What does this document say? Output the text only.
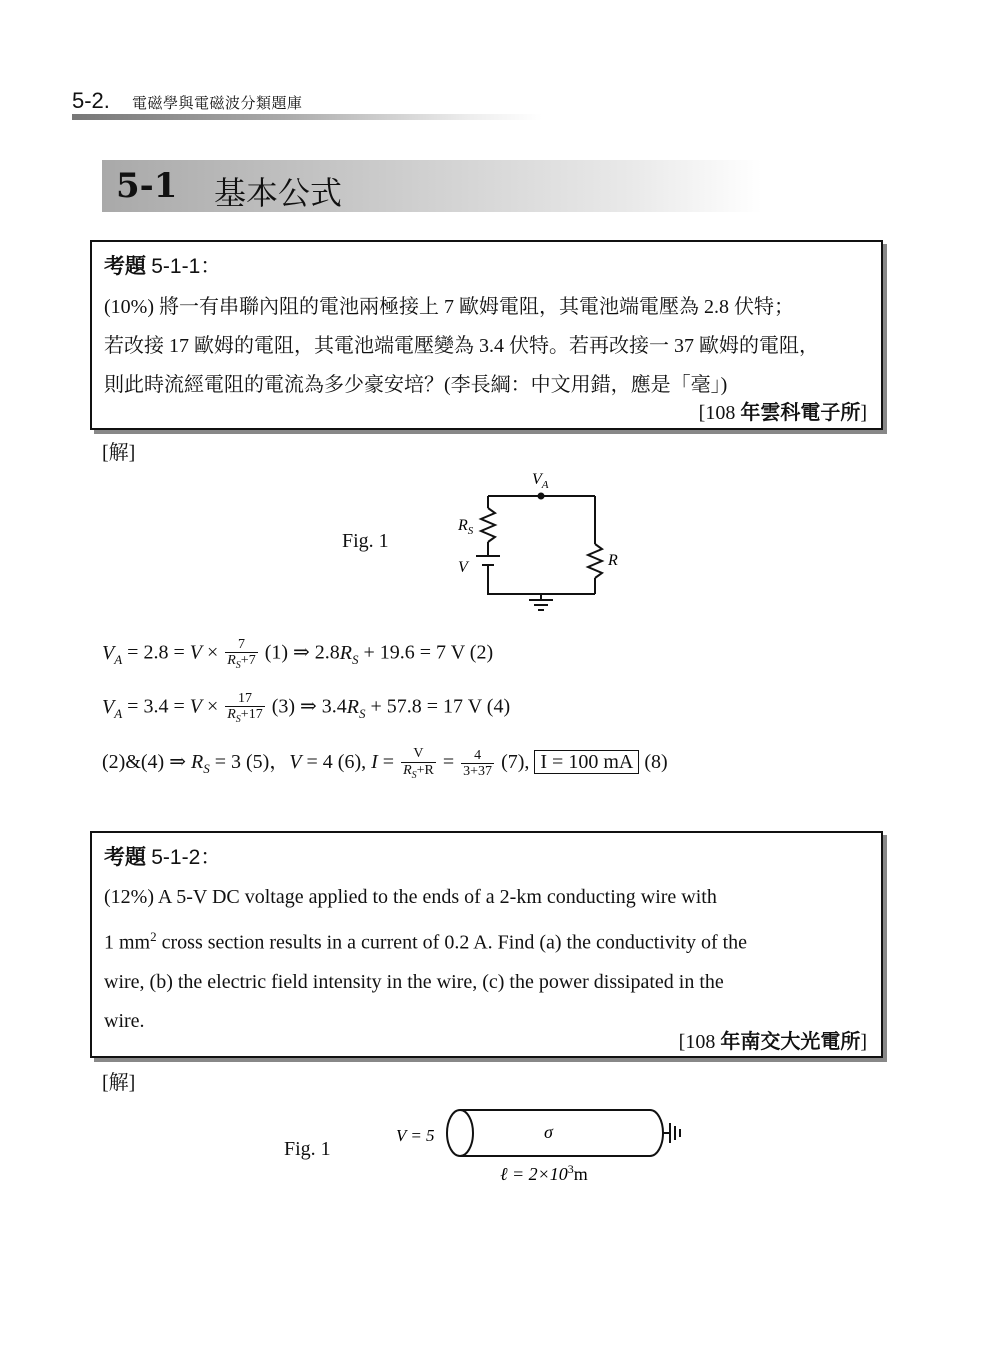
5-2. 電磁學與電磁波分類題庫
5-1 基本公式
考題 5-1-1：
(10%) 將一有串聯內阻的電池兩極接上 7 歐姆電阻，其電池端電壓為 2.8 伏特；
若改接 17 歐姆的電阻，其電池端電壓變為 3.4 伏特。若再改接一 37 歐姆的電阻，
則此時流經電阻的電流為多少豪安培？(李長綱：中文用錯，應是「毫」)
[108 年雲科電子所]
[解]
Fig. 1
$V_A$
$R_S$
V	R
$V_A = 2.8 = V \times \frac{7}{R_S+7} (1)$ ⇒ $2.8R_S + 19.6 = 7$ V (2)
$V_A = 3.4 = V \times \frac{17}{R_S+17} (3)$ ⇒ $3.4R_S + 57.8 = 17$ V (4)
(2)&(4) ⇒ $R_S = 3$ (5)，V = 4 (6), $I = \frac{V}{R_S+R} = \frac{4}{3+37} (7)$, I = 100 mA (8)
考題 5-1-2：
(12%) A 5-V DC voltage applied to the ends of a 2-km conducting wire with
1 $mm^2$ cross section results in a current of 0.2 A. Find (a) the conductivity of the
wire, (b) the electric field intensity in the wire, (c) the power dissipated in the
wire.
[108 年南交大光電所]
[解]
Fig. 1
V = 5	σ
ℓ = $2\times 10^3m$
